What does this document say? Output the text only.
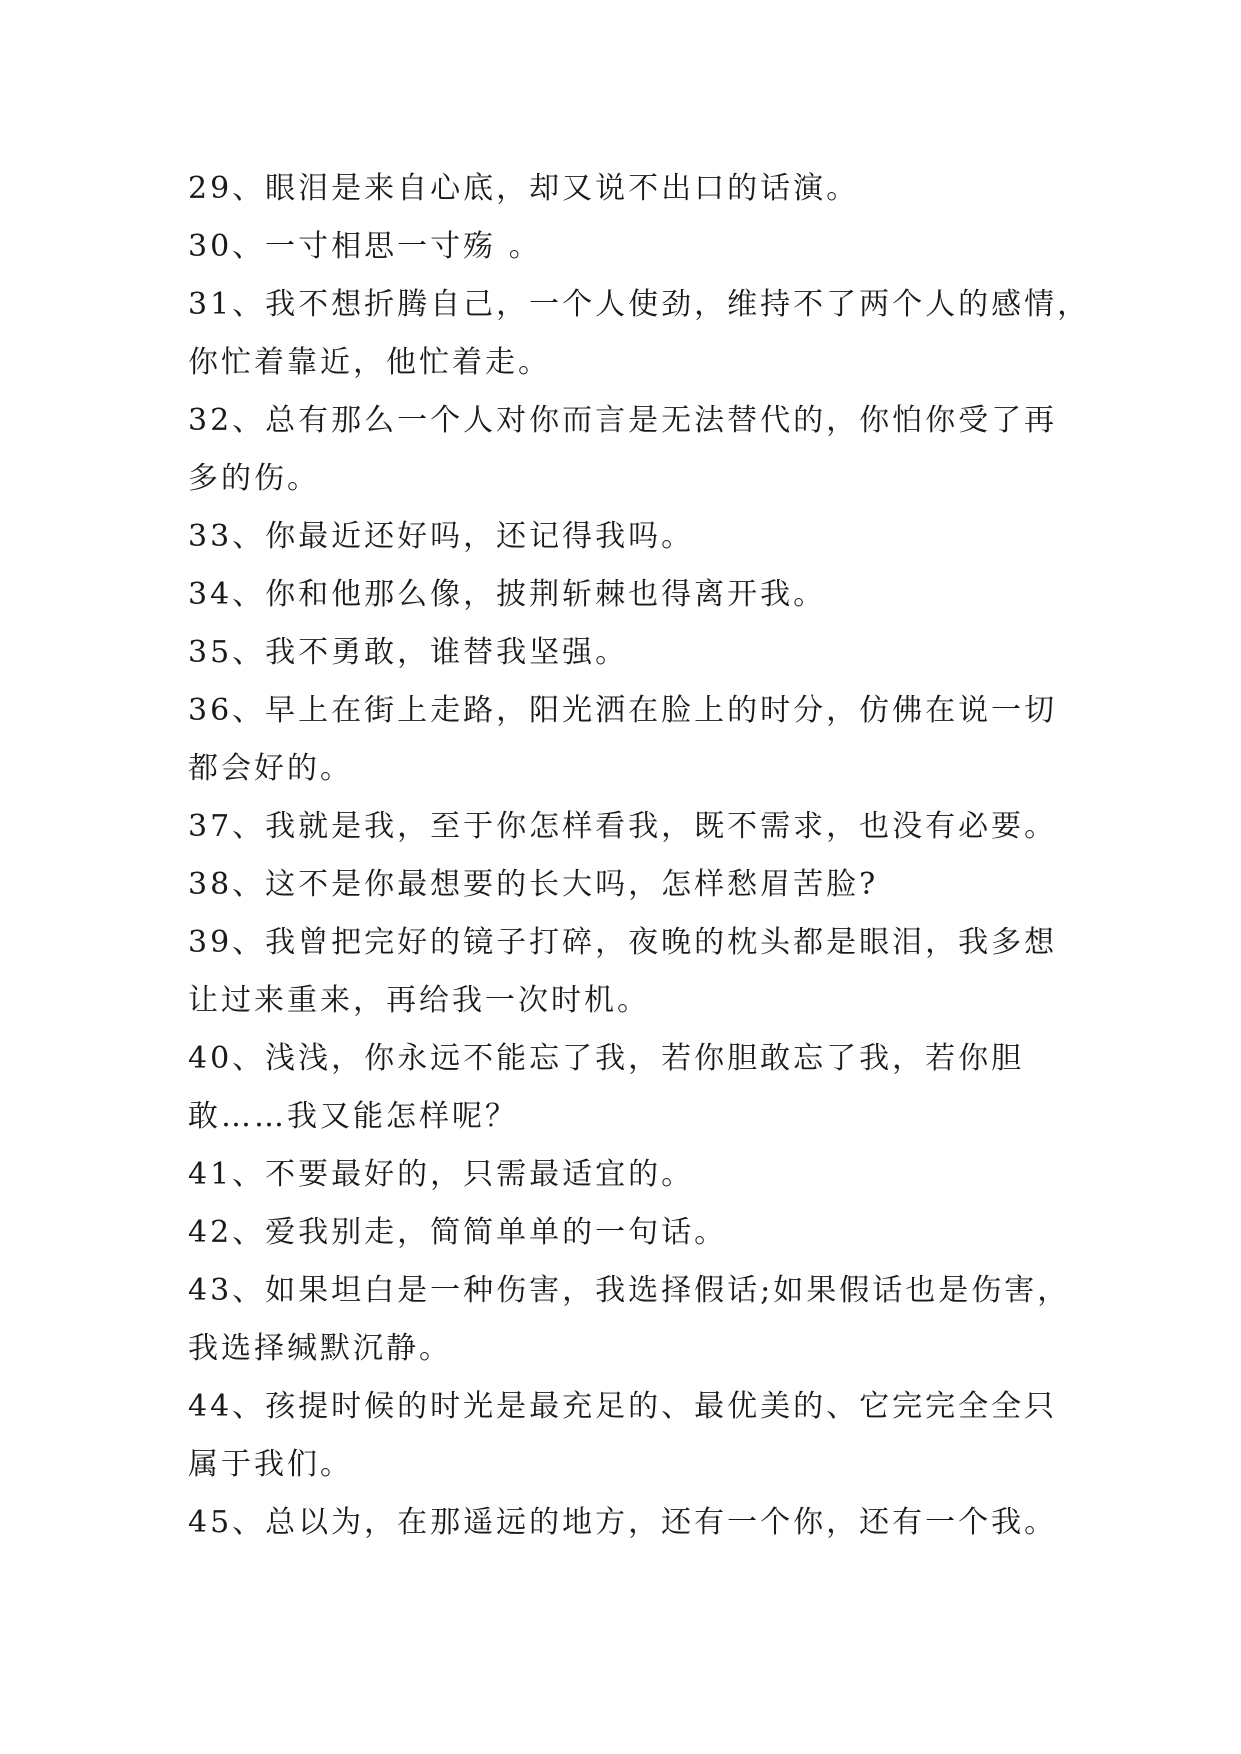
29、眼泪是来自心底，却又说不出口的话演。
30、一寸相思一寸殇 。
31、我不想折腾自己，一个人使劲，维持不了两个人的感情，
你忙着靠近，他忙着走。
32、总有那么一个人对你而言是无法替代的，你怕你受了再
多的伤。
33、你最近还好吗，还记得我吗。
34、你和他那么像，披荆斩棘也得离开我。
35、我不勇敢，谁替我坚强。
36、早上在街上走路，阳光洒在脸上的时分，仿佛在说一切
都会好的。
37、我就是我，至于你怎样看我，既不需求，也没有必要。
38、这不是你最想要的长大吗，怎样愁眉苦脸?
39、我曾把完好的镜子打碎，夜晚的枕头都是眼泪，我多想
让过来重来，再给我一次时机。
40、浅浅，你永远不能忘了我，若你胆敢忘了我，若你胆
敢……我又能怎样呢？
41、不要最好的，只需最适宜的。
42、爱我别走，简简单单的一句话。
43、如果坦白是一种伤害，我选择假话;如果假话也是伤害，
我选择缄默沉静。
44、孩提时候的时光是最充足的、最优美的、它完完全全只
属于我们。
45、总以为，在那遥远的地方，还有一个你，还有一个我。
